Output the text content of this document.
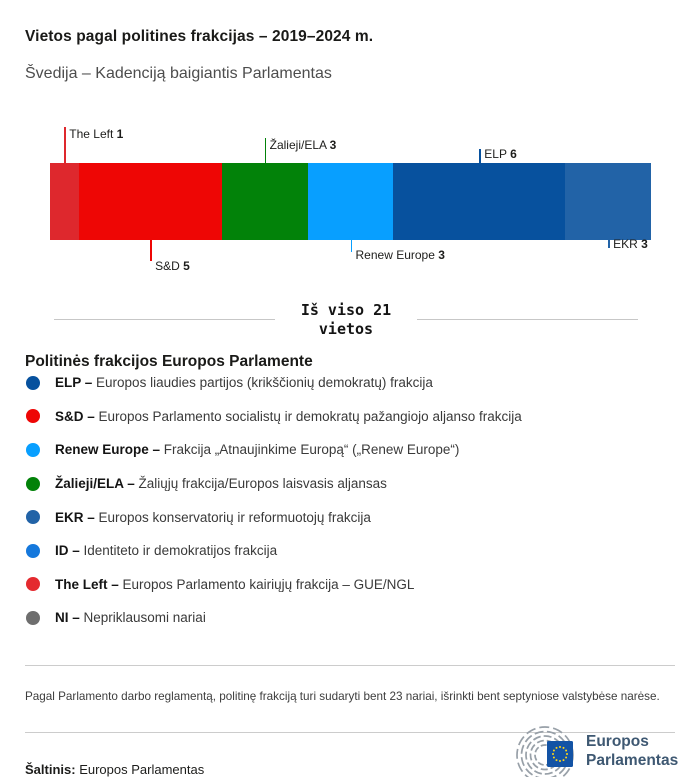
Vietos pagal politines frakcijas – 2019–2024 m.

Švedija – Kadenciją baigiantis Parlamentas

The Left 1
S&D 5
Žalieji/ELA 3
Renew Europe 3
ELP 6
EKR 3
Iš viso 21
vietos
Politinės frakcijos Europos Parlamente
ELP – Europos liaudies partijos (krikščionių demokratų) frakcija
S&D – Europos Parlamento socialistų ir demokratų pažangiojo aljanso frakcija
Renew Europe – Frakcija „Atnaujinkime Europą“ („Renew Europe“)
Žalieji/ELA – Žaliųjų frakcija/Europos laisvasis aljansas
EKR – Europos konservatorių ir reformuotojų frakcija
ID – Identiteto ir demokratijos frakcija
The Left – Europos Parlamento kairiųjų frakcija – GUE/NGL
NI – Nepriklausomi nariai

Pagal Parlamento darbo reglamentą, politinę frakciją turi sudaryti bent 23 nariai, išrinkti bent septyniose valstybėse narėse.

Šaltinis: Europos Parlamentas

Europos
Parlamentas
